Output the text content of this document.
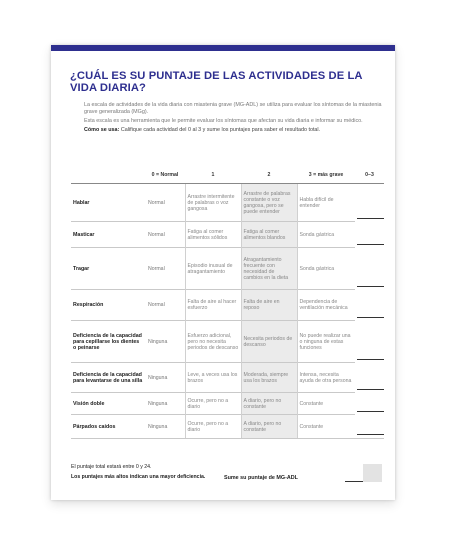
¿CUÁL ES SU PUNTAJE DE LAS ACTIVIDADES DE LA VIDA DIARIA?

La escala de actividades de la vida diaria con miastenia grave (MG-ADL) se utiliza para evaluar los síntomas de la miastenia grave generalizada (MGg).

Esta escala es una herramienta que le permite evaluar los síntomas que afectan su vida diaria e informar su médico.

Cómo se usa: Califique cada actividad del 0 al 3 y sume los puntajes para saber el resultado total.

	0 = Normal	1	2	3 = más grave	0–3
Hablar	Normal	Arrastre intermitente de palabras o voz gangosa	Arrastre de palabras constante o voz gangosa, pero se puede entender	Habla difícil de entender	

Masticar	Normal	Fatiga al comer alimentos sólidos	Fatiga al comer alimentos blandos	Sonda gástrica	

Tragar	Normal	Episodio inusual de atragantamiento	Atragantamiento frecuente con necesidad de cambios en la dieta	Sonda gástrica	

Respiración	Normal	Falta de aire al hacer esfuerzo	Falta de aire en reposo	Dependencia de ventilación mecánica	

Deficiencia de la capacidad para cepillarse los dientes o peinarse	Ninguna	Esfuerzo adicional, pero no necesita periodos de descanso	Necesita periodos de descanso	No puede realizar una o ninguna de estas funciones	

Deficiencia de la capacidad para levantarse de una silla	Ninguna	Leve, a veces usa los brazos	Moderada, siempre usa los brazos	Intensa, necesita ayuda de otra persona	

Visión doble	Ninguna	Ocurre, pero no a diario	A diario, pero no constante	Constante	

Párpados caídos	Ninguna	Ocurre, pero no a diario	A diario, pero no constante	Constante	
El puntaje total estará entre 0 y 24.
Los puntajes más altos indican una mayor deficiencia.	Sume su puntaje de MG-ADL
